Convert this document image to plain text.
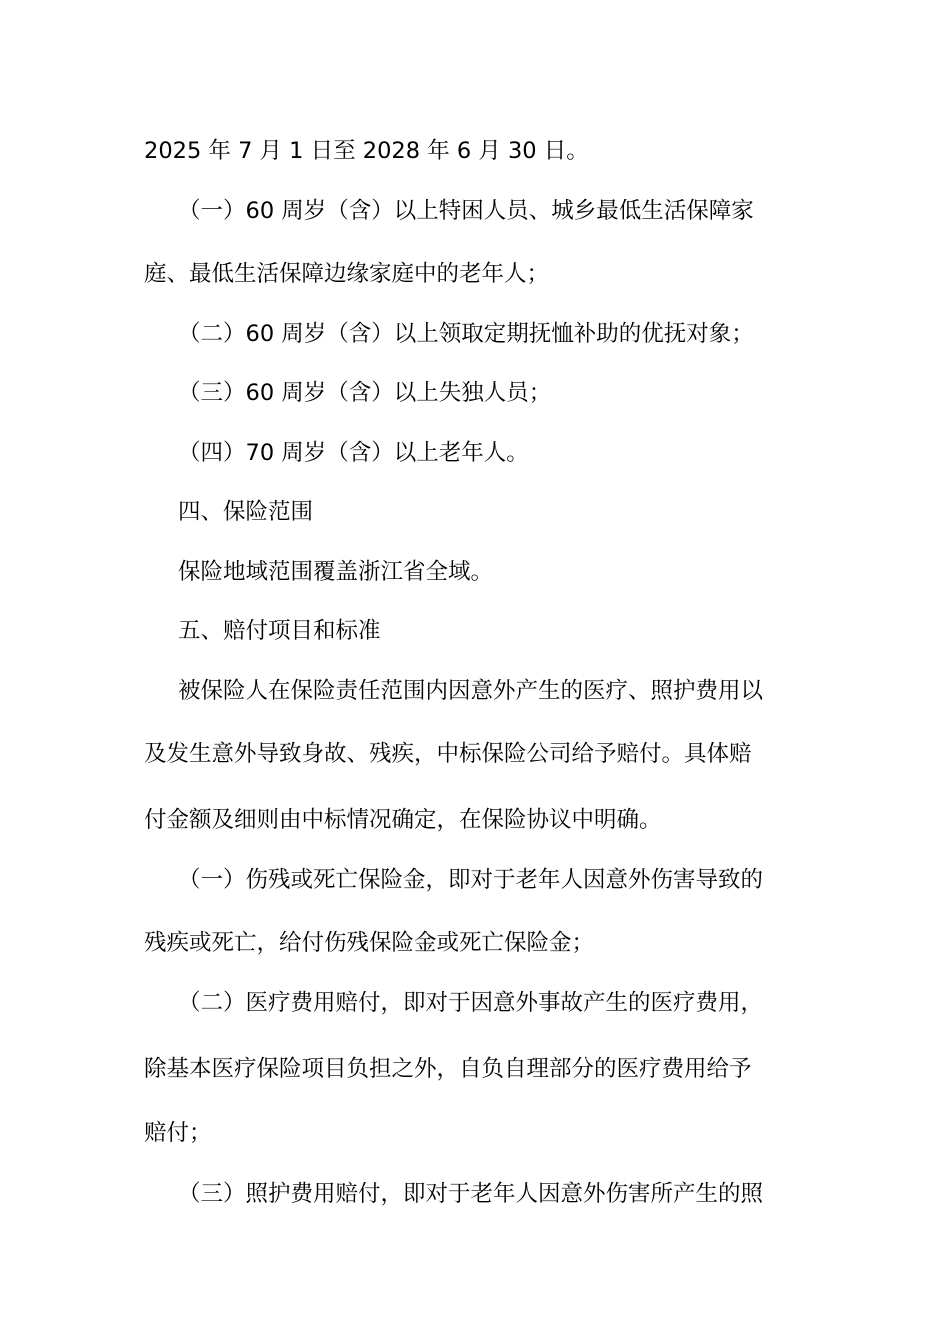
2025 年 7 月 1 日至 2028 年 6 月 30 日。
（一）60 周岁（含）以上特困人员、城乡最低生活保障家
庭、最低生活保障边缘家庭中的老年人；
（二）60 周岁（含）以上领取定期抚恤补助的优抚对象；
（三）60 周岁（含）以上失独人员；
（四）70 周岁（含）以上老年人。
四、保险范围
保险地域范围覆盖浙江省全域。
五、赔付项目和标准
被保险人在保险责任范围内因意外产生的医疗、照护费用以
及发生意外导致身故、残疾，中标保险公司给予赔付。具体赔
付金额及细则由中标情况确定，在保险协议中明确。
（一）伤残或死亡保险金，即对于老年人因意外伤害导致的
残疾或死亡，给付伤残保险金或死亡保险金；
（二）医疗费用赔付，即对于因意外事故产生的医疗费用，
除基本医疗保险项目负担之外，自负自理部分的医疗费用给予
赔付；
（三）照护费用赔付，即对于老年人因意外伤害所产生的照
